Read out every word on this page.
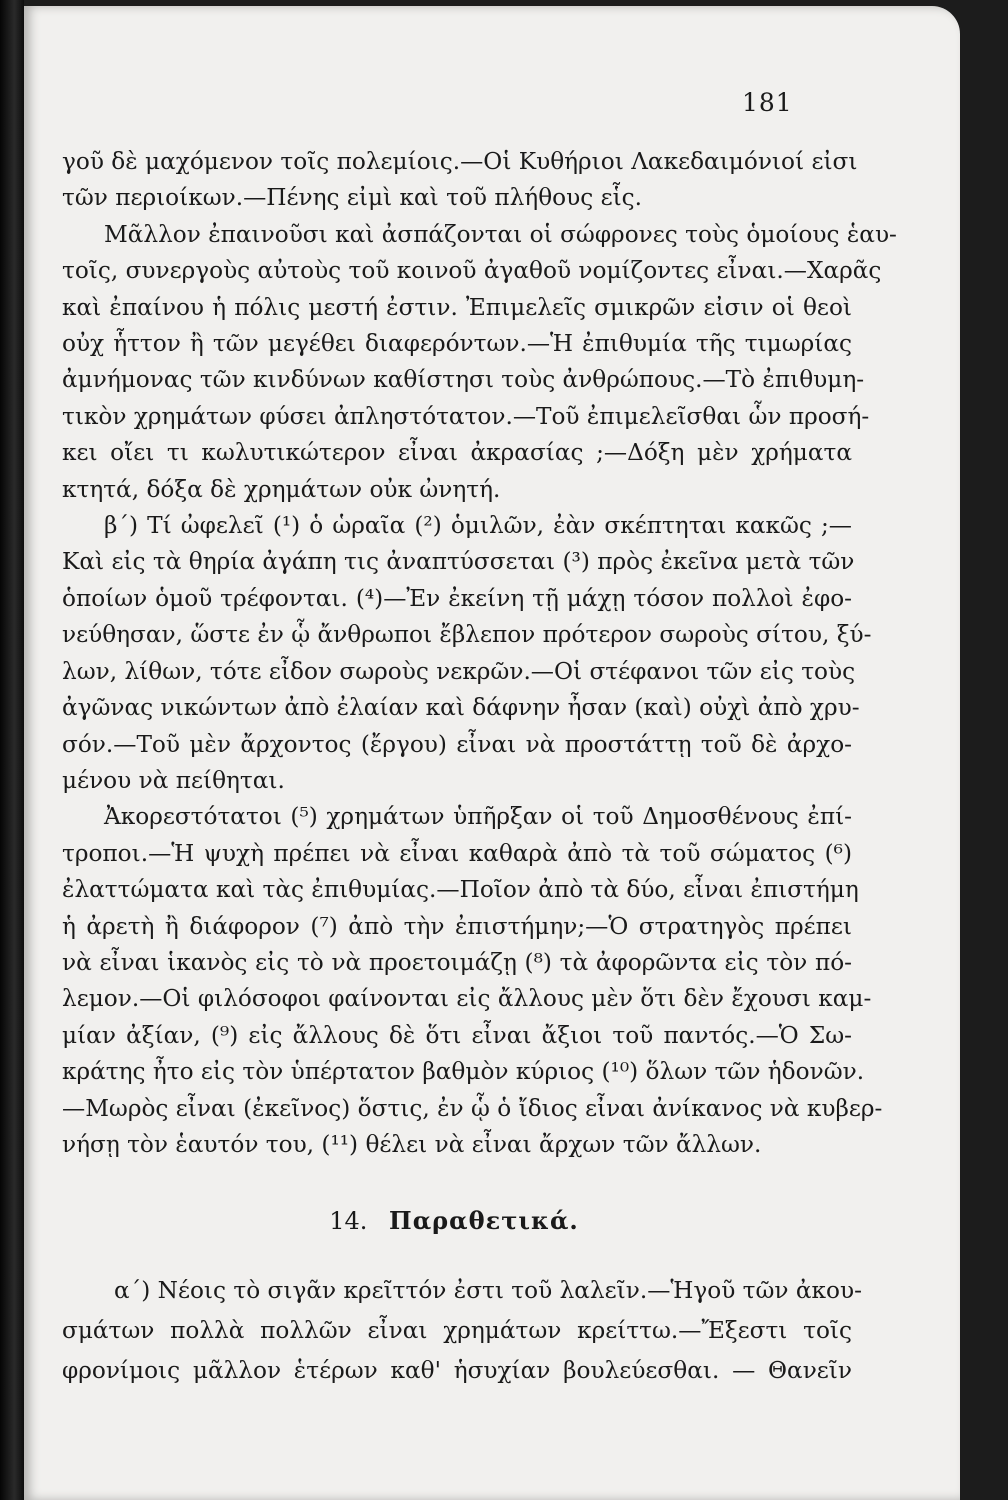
181
γοῦ δὲ μαχόμενον τοῖς πολεμίοις.—Οἱ Κυθήριοι Λακεδαιμόνιοί εἰσι
τῶν περιοίκων.—Πένης εἰμὶ καὶ τοῦ πλήθους εἷς.
Μᾶλλον ἐπαινοῦσι καὶ ἀσπάζονται οἱ σώφρονες τοὺς ὁμοίους ἑαυ-
τοῖς, συνεργοὺς αὐτοὺς τοῦ κοινοῦ ἀγαθοῦ νομίζοντες εἶναι.—Χαρᾶς
καὶ ἐπαίνου ἡ πόλις μεστή ἐστιν. Ἐπιμελεῖς σμικρῶν εἰσιν οἱ θεοὶ
οὐχ ἧττον ἢ τῶν μεγέθει διαφερόντων.—Ἡ ἐπιθυμία τῆς τιμωρίας
ἀμνήμονας τῶν κινδύνων καθίστησι τοὺς ἀνθρώπους.—Τὸ ἐπιθυμη-
τικὸν χρημάτων φύσει ἀπληστότατον.—Τοῦ ἐπιμελεῖσθαι ὧν προσή-
κει οἴει τι κωλυτικώτερον εἶναι ἀκρασίας ;—Δόξη μὲν χρήματα
κτητά, δόξα δὲ χρημάτων οὐκ ὠνητή.
β΄) Τί ὠφελεῖ (¹) ὁ ὡραῖα (²) ὁμιλῶν, ἐὰν σκέπτηται κακῶς ;—
Καὶ εἰς τὰ θηρία ἀγάπη τις ἀναπτύσσεται (³) πρὸς ἐκεῖνα μετὰ τῶν
ὁποίων ὁμοῦ τρέφονται. (⁴)—Ἐν ἐκείνη τῇ μάχῃ τόσον πολλοὶ ἐφο-
νεύθησαν, ὥστε ἐν ᾧ ἄνθρωποι ἔβλεπον πρότερον σωροὺς σίτου, ξύ-
λων, λίθων, τότε εἶδον σωροὺς νεκρῶν.—Οἱ στέφανοι τῶν εἰς τοὺς
ἀγῶνας νικώντων ἀπὸ ἐλαίαν καὶ δάφνην ἦσαν (καὶ) οὐχὶ ἀπὸ χρυ-
σόν.—Τοῦ μὲν ἄρχοντος (ἔργου) εἶναι νὰ προστάττῃ τοῦ δὲ ἀρχο-
μένου νὰ πείθηται.
Ἀκορεστότατοι (⁵) χρημάτων ὑπῆρξαν οἱ τοῦ Δημοσθένους ἐπί-
τροποι.—Ἡ ψυχὴ πρέπει νὰ εἶναι καθαρὰ ἀπὸ τὰ τοῦ σώματος (⁶)
ἐλαττώματα καὶ τὰς ἐπιθυμίας.—Ποῖον ἀπὸ τὰ δύο, εἶναι ἐπιστήμη
ἡ ἀρετὴ ἢ διάφορον (⁷) ἀπὸ τὴν ἐπιστήμην;—Ὁ στρατηγὸς πρέπει
νὰ εἶναι ἱκανὸς εἰς τὸ νὰ προετοιμάζῃ (⁸) τὰ ἀφορῶντα εἰς τὸν πό-
λεμον.—Οἱ φιλόσοφοι φαίνονται εἰς ἄλλους μὲν ὅτι δὲν ἔχουσι καμ-
μίαν ἀξίαν, (⁹) εἰς ἄλλους δὲ ὅτι εἶναι ἄξιοι τοῦ παντός.—Ὁ Σω-
κράτης ἦτο εἰς τὸν ὑπέρτατον βαθμὸν κύριος (¹⁰) ὅλων τῶν ἡδονῶν.
—Μωρὸς εἶναι (ἐκεῖνος) ὅστις, ἐν ᾧ ὁ ἴδιος εἶναι ἀνίκανος νὰ κυβερ-
νήσῃ τὸν ἑαυτόν του, (¹¹) θέλει νὰ εἶναι ἄρχων τῶν ἄλλων.
14. Παραθετικά.
α΄) Νέοις τὸ σιγᾶν κρεῖττόν ἐστι τοῦ λαλεῖν.—Ἡγοῦ τῶν ἀκου-
σμάτων πολλὰ πολλῶν εἶναι χρημάτων κρείττω.—Ἔξεστι τοῖς
φρονίμοις μᾶλλον ἑτέρων καθ' ἡσυχίαν βουλεύεσθαι. — Θανεῖν
